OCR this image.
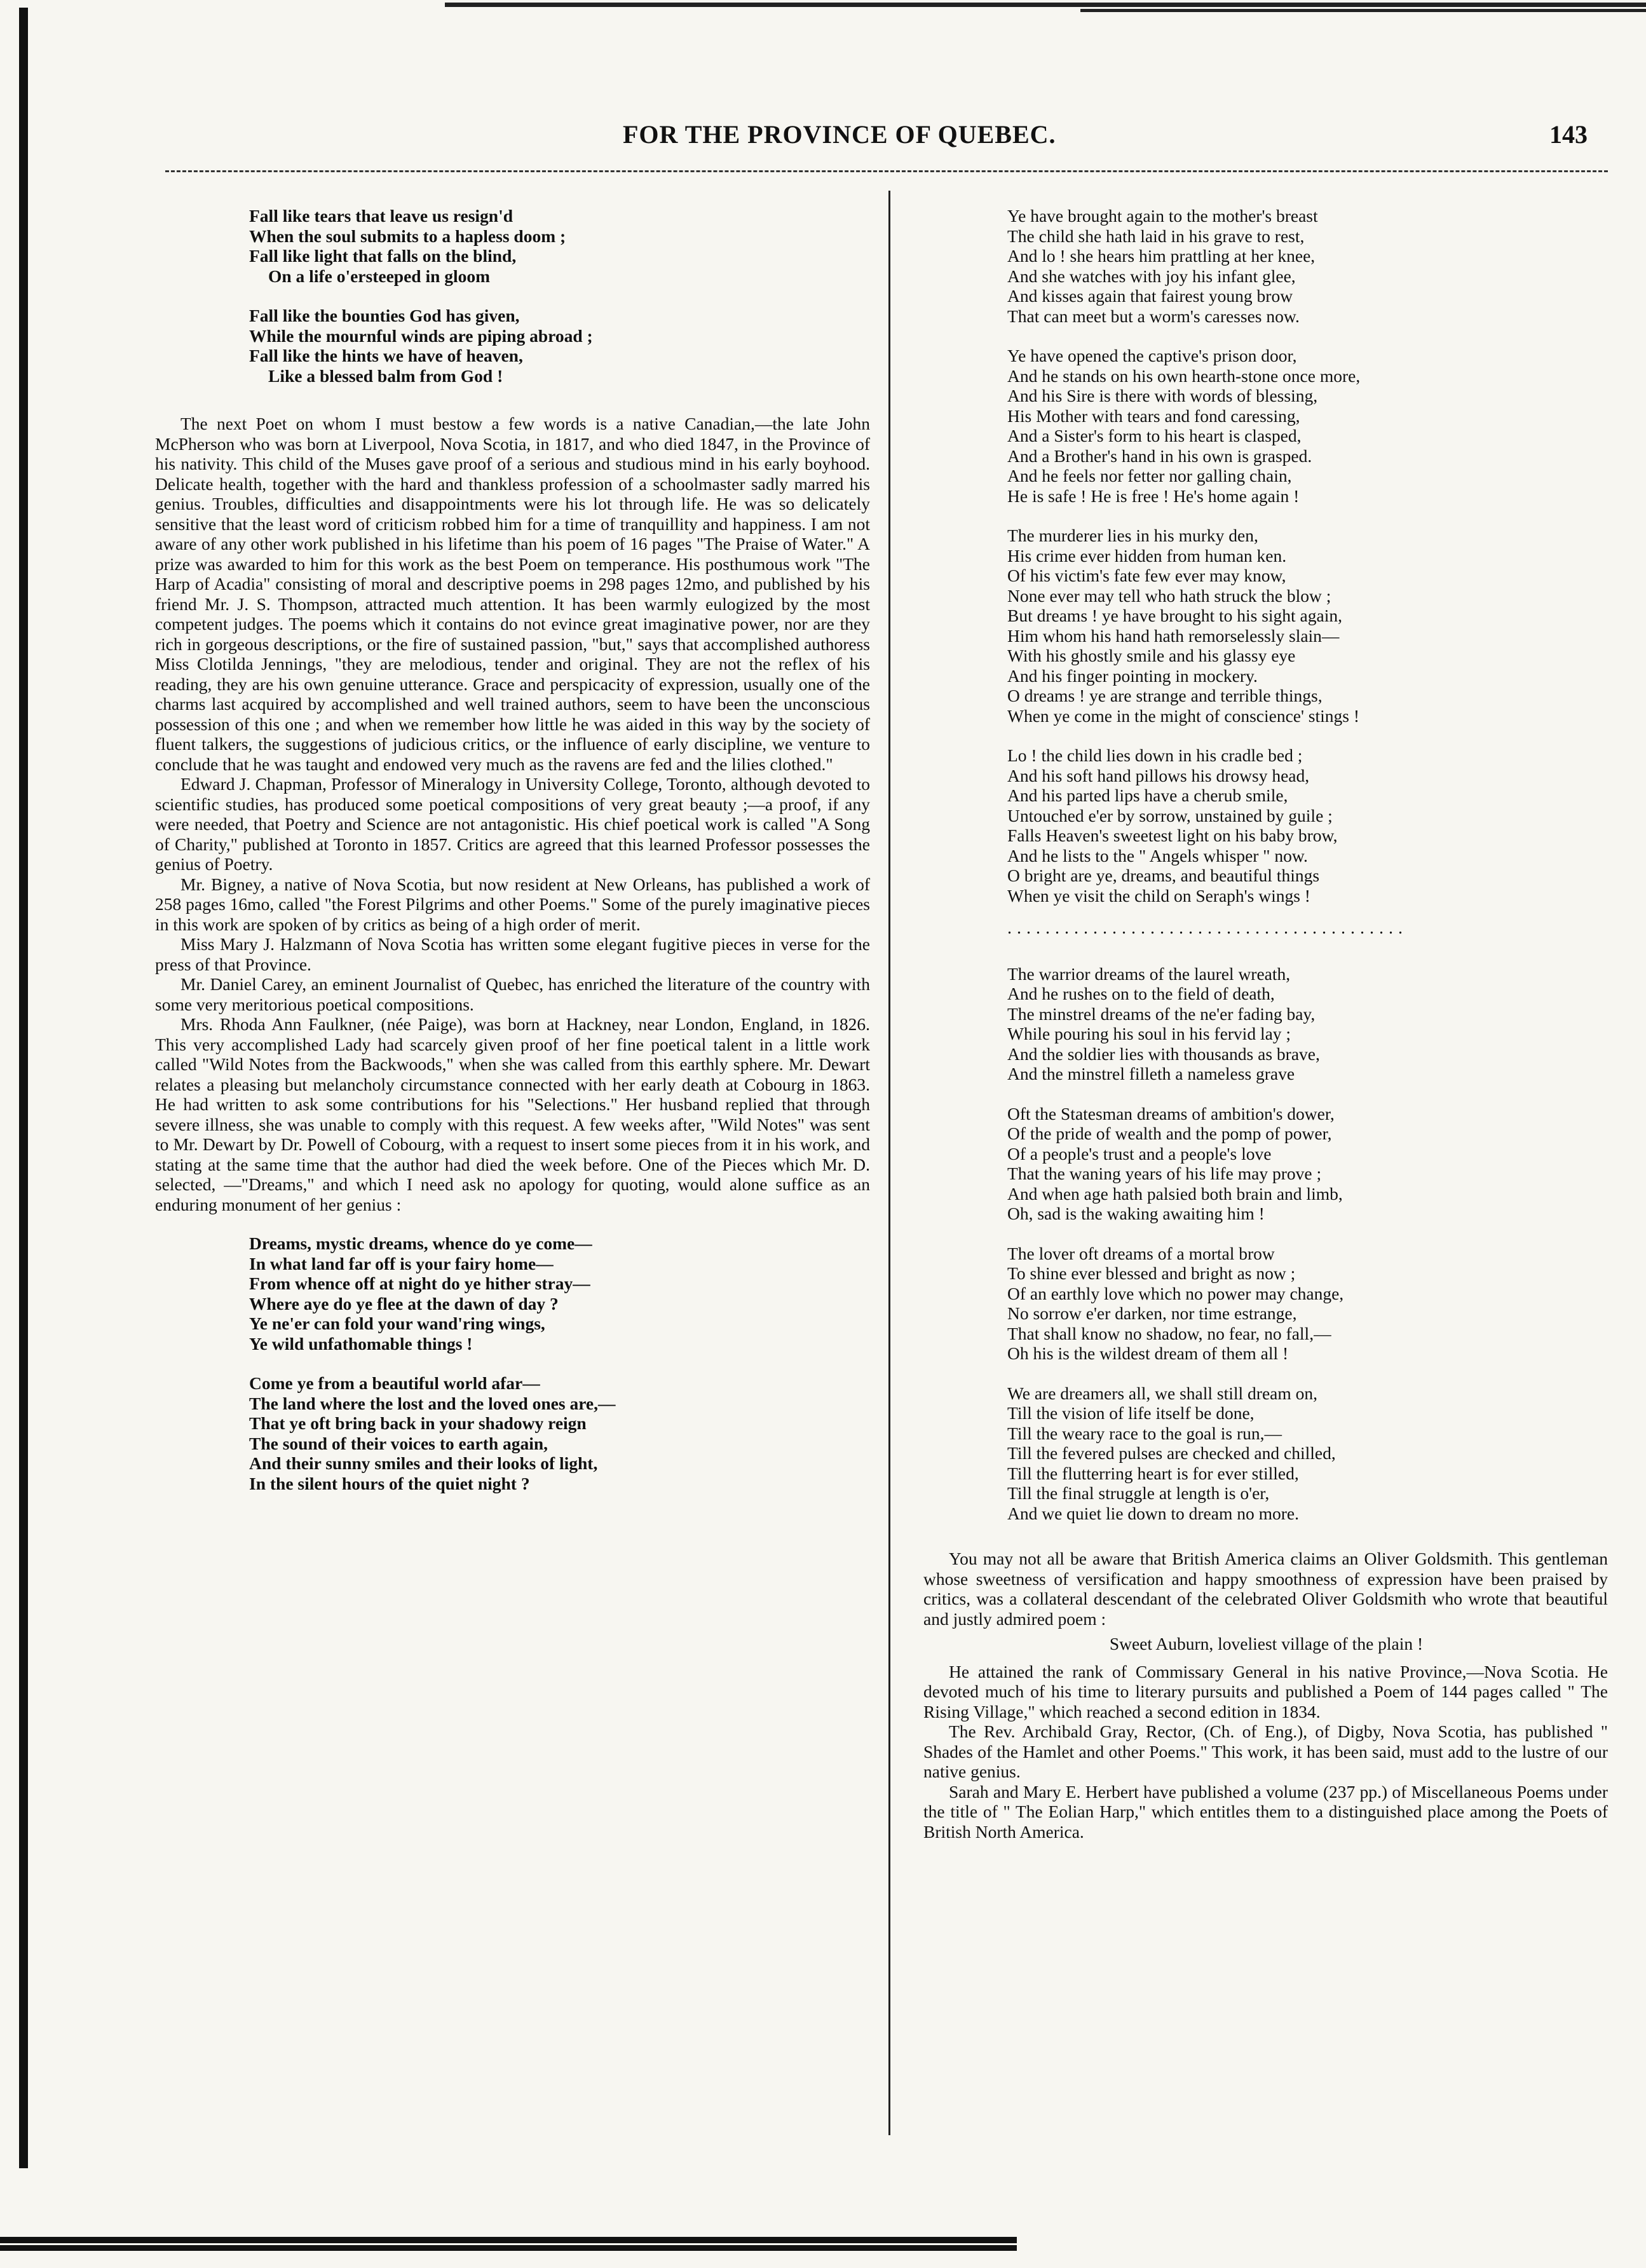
FOR THE PROVINCE OF QUEBEC.	143
Fall like tears that leave us resign'd
When the soul submits to a hapless doom ;
Fall like light that falls on the blind,
On a life o'ersteeped in gloom
Fall like the bounties God has given,
While the mournful winds are piping abroad ;
Fall like the hints we have of heaven,
Like a blessed balm from God !

The next Poet on whom I must bestow a few words is a native Canadian,—the late John McPherson who was born at Liverpool, Nova Scotia, in 1817, and who died 1847, in the Province of his nativity. This child of the Muses gave proof of a serious and studious mind in his early boyhood. Delicate health, together with the hard and thankless profession of a schoolmaster sadly marred his genius. Troubles, difficulties and disappointments were his lot through life. He was so delicately sensitive that the least word of criticism robbed him for a time of tranquillity and happiness. I am not aware of any other work published in his lifetime than his poem of 16 pages "The Praise of Water." A prize was awarded to him for this work as the best Poem on temperance. His posthumous work "The Harp of Acadia" consisting of moral and descriptive poems in 298 pages 12mo, and published by his friend Mr. J. S. Thompson, attracted much attention. It has been warmly eulogized by the most competent judges. The poems which it contains do not evince great imaginative power, nor are they rich in gorgeous descriptions, or the fire of sustained passion, "but," says that accomplished authoress Miss Clotilda Jennings, "they are melodious, tender and original. They are not the reflex of his reading, they are his own genuine utterance. Grace and perspicacity of expression, usually one of the charms last acquired by accomplished and well trained authors, seem to have been the unconscious possession of this one ; and when we remember how little he was aided in this way by the society of fluent talkers, the suggestions of judicious critics, or the influence of early discipline, we venture to conclude that he was taught and endowed very much as the ravens are fed and the lilies clothed."

Edward J. Chapman, Professor of Mineralogy in University College, Toronto, although devoted to scientific studies, has produced some poetical compositions of very great beauty ;—a proof, if any were needed, that Poetry and Science are not antagonistic. His chief poetical work is called "A Song of Charity," published at Toronto in 1857. Critics are agreed that this learned Professor possesses the genius of Poetry.

Mr. Bigney, a native of Nova Scotia, but now resident at New Orleans, has published a work of 258 pages 16mo, called "the Forest Pilgrims and other Poems." Some of the purely imaginative pieces in this work are spoken of by critics as being of a high order of merit.

Miss Mary J. Halzmann of Nova Scotia has written some elegant fugitive pieces in verse for the press of that Province.

Mr. Daniel Carey, an eminent Journalist of Quebec, has enriched the literature of the country with some very meritorious poetical compositions.

Mrs. Rhoda Ann Faulkner, (née Paige), was born at Hackney, near London, England, in 1826. This very accomplished Lady had scarcely given proof of her fine poetical talent in a little work called "Wild Notes from the Backwoods," when she was called from this earthly sphere. Mr. Dewart relates a pleasing but melancholy circumstance connected with her early death at Cobourg in 1863. He had written to ask some contributions for his "Selections." Her husband replied that through severe illness, she was unable to comply with this request. A few weeks after, "Wild Notes" was sent to Mr. Dewart by Dr. Powell of Cobourg, with a request to insert some pieces from it in his work, and stating at the same time that the author had died the week before. One of the Pieces which Mr. D. selected, —"Dreams," and which I need ask no apology for quoting, would alone suffice as an enduring monument of her genius :

Dreams, mystic dreams, whence do ye come—
In what land far off is your fairy home—
From whence off at night do ye hither stray—
Where aye do ye flee at the dawn of day ?
Ye ne'er can fold your wand'ring wings,
Ye wild unfathomable things !
Come ye from a beautiful world afar—
The land where the lost and the loved ones are,—
That ye oft bring back in your shadowy reign
The sound of their voices to earth again,
And their sunny smiles and their looks of light,
In the silent hours of the quiet night ?
Ye have brought again to the mother's breast
The child she hath laid in his grave to rest,
And lo ! she hears him prattling at her knee,
And she watches with joy his infant glee,
And kisses again that fairest young brow
That can meet but a worm's caresses now.
Ye have opened the captive's prison door,
And he stands on his own hearth-stone once more,
And his Sire is there with words of blessing,
His Mother with tears and fond caressing,
And a Sister's form to his heart is clasped,
And a Brother's hand in his own is grasped.
And he feels nor fetter nor galling chain,
He is safe ! He is free ! He's home again !
The murderer lies in his murky den,
His crime ever hidden from human ken.
Of his victim's fate few ever may know,
None ever may tell who hath struck the blow ;
But dreams ! ye have brought to his sight again,
Him whom his hand hath remorselessly slain—
With his ghostly smile and his glassy eye
And his finger pointing in mockery.
O dreams ! ye are strange and terrible things,
When ye come in the might of conscience' stings !
Lo ! the child lies down in his cradle bed ;
And his soft hand pillows his drowsy head,
And his parted lips have a cherub smile,
Untouched e'er by sorrow, unstained by guile ;
Falls Heaven's sweetest light on his baby brow,
And he lists to the " Angels whisper " now.
O bright are ye, dreams, and beautiful things
When ye visit the child on Seraph's wings !
..........................................
The warrior dreams of the laurel wreath,
And he rushes on to the field of death,
The minstrel dreams of the ne'er fading bay,
While pouring his soul in his fervid lay ;
And the soldier lies with thousands as brave,
And the minstrel filleth a nameless grave
Oft the Statesman dreams of ambition's dower,
Of the pride of wealth and the pomp of power,
Of a people's trust and a people's love
That the waning years of his life may prove ;
And when age hath palsied both brain and limb,
Oh, sad is the waking awaiting him !
The lover oft dreams of a mortal brow
To shine ever blessed and bright as now ;
Of an earthly love which no power may change,
No sorrow e'er darken, nor time estrange,
That shall know no shadow, no fear, no fall,—
Oh his is the wildest dream of them all !
We are dreamers all, we shall still dream on,
Till the vision of life itself be done,
Till the weary race to the goal is run,—
Till the fevered pulses are checked and chilled,
Till the flutterring heart is for ever stilled,
Till the final struggle at length is o'er,
And we quiet lie down to dream no more.

You may not all be aware that British America claims an Oliver Goldsmith. This gentleman whose sweetness of versification and happy smoothness of expression have been praised by critics, was a collateral descendant of the celebrated Oliver Goldsmith who wrote that beautiful and justly admired poem :

Sweet Auburn, loveliest village of the plain !

He attained the rank of Commissary General in his native Province,—Nova Scotia. He devoted much of his time to literary pursuits and published a Poem of 144 pages called " The Rising Village," which reached a second edition in 1834.

The Rev. Archibald Gray, Rector, (Ch. of Eng.), of Digby, Nova Scotia, has published " Shades of the Hamlet and other Poems." This work, it has been said, must add to the lustre of our native genius.

Sarah and Mary E. Herbert have published a volume (237 pp.) of Miscellaneous Poems under the title of " The Eolian Harp," which entitles them to a distinguished place among the Poets of British North America.
